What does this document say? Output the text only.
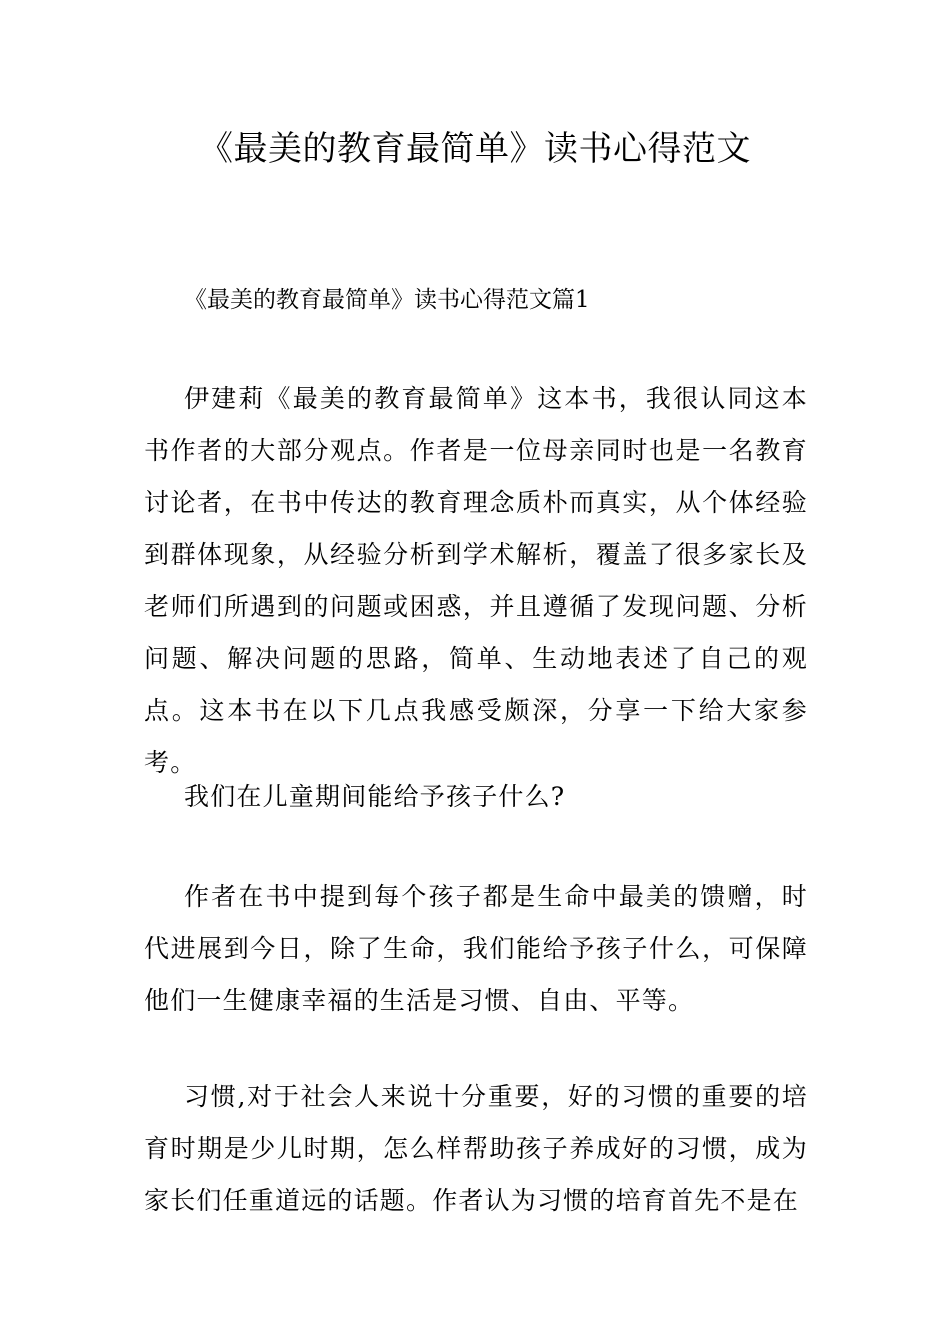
《最美的教育最简单》读书心得范文

《最美的教育最简单》读书心得范文篇1

伊建莉《最美的教育最简单》这本书，我很认同这本书作者的大部分观点。作者是一位母亲同时也是一名教育讨论者，在书中传达的教育理念质朴而真实，从个体经验到群体现象，从经验分析到学术解析，覆盖了很多家长及老师们所遇到的问题或困惑，并且遵循了发现问题、分析问题、解决问题的思路，简单、生动地表述了自己的观点。这本书在以下几点我感受颇深，分享一下给大家参考。

我们在儿童期间能给予孩子什么?

作者在书中提到每个孩子都是生命中最美的馈赠，时代进展到今日，除了生命，我们能给予孩子什么，可保障他们一生健康幸福的生活是习惯、自由、平等。

习惯,对于社会人来说十分重要，好的习惯的重要的培育时期是少儿时期，怎么样帮助孩子养成好的习惯，成为家长们任重道远的话题。作者认为习惯的培育首先不是在
